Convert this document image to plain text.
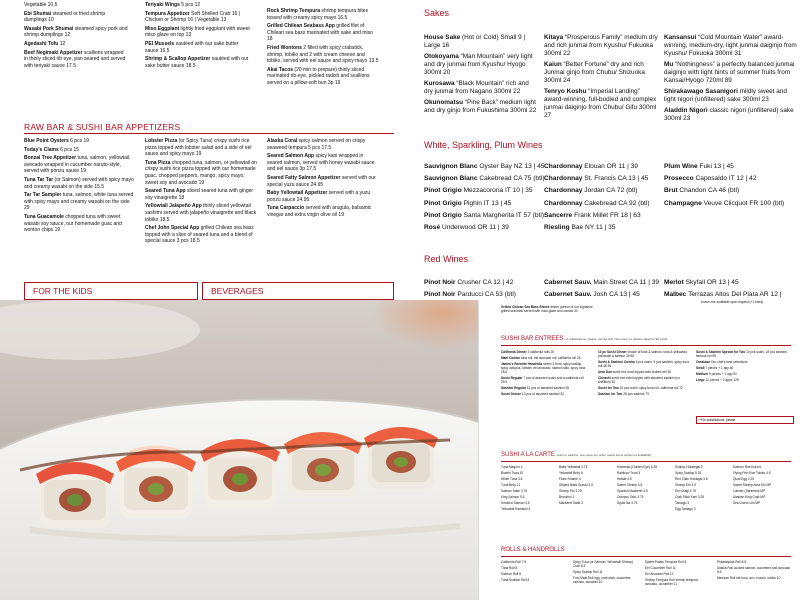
Vegetable 10.5
Ebi Shumai steamed or fried shrimp dumplings 10
Wasabi Pork Shumai steamed spicy pork and shrimp dumplings 12
Agedashi Tofu 12
Beef Negimaki Appetizer scallions wrapped in thinly sliced rib eye, pan seared and served with teriyaki sauce 17.5
Teriyaki Wings 5 pcs 12
Tempura Appetizer Soft Shelled Crab 16 | Chicken or Shrimp 16 | Vegetable 13
Miso Eggplant lightly fried eggplant with sweet miso glaze on top 13
PEI Mussels sautéed with our sake butter sauce 16.5
Shrimp & Scallop Appetizer sautéed with our sake butter sauce 18.5
Rock Shrimp Tempura shrimp tempura bites tossed with creamy spicy mayo 16.5
Grilled Chilean Seabass App grilled filet of Chilean sea bass marinated with sake and miso 18
Fried Wontons 2 filled with spicy crabstick, shrimp, tobiko and 2 with cream cheese and tobiko, served with eel sauce and spicy mayo 13.5
Akai Tacos (20 min to prepare) thinly sliced marinated rib-eye, pickled radish and scallions served on a pillow-soft bun 3p 19
RAW BAR & SUSHI BAR APPETIZERS
Blue Point Oysters 6 pcs 19
Today's Clams 6 pcs 15
Bonzai Tree Appetizer tuna, salmon, yellowtail, avocado wrapped in cucumber naruto-style, served with ponzu sauce 19
Tuna Tar Tar (or Salmon) served with spicy mayo and creamy wasabi on the side 15.5
Tar Tar Sampler tuna, salmon, white tuna served with spicy mayo and creamy wasabi on the side 29
Tuna Guacamole chopped tuna with sweet wasabi soy sauce, our homemade guac and wonton chips 19
Lobster Pizza (or Spicy Tuna) crispy sushi rice pizza topped with lobster salad and a side of eel sauce and spicy mayo 19
Tuna Pizza chopped tuna, salmon, or yellowtail on crispy sushi rice pizza topped with our homemade guac, chopped peppers, mango, spicy mayo, sweet soy and avocado 19
Seared Tuna App sliced seared tuna with ginger soy vinaigrette 18
Yellowtail Jalapeño App thinly sliced yellowtail sashimi served with jalapeño vinaigrette and black tobiko 18.5
Chef John Special App grilled Chilean sea bass topped with a slice of seared tuna and a blend of special sauce 3 pcs 18.5
Alaska Coral spicy salmon served on crispy seaweed tempura 5 pcs 17.5
Seared Salmon App spicy kani wrapped in seared salmon, served with honey wasabi sauce and eel sauce 3p 17.5
Seared Fatty Salmon Appetizer served with our special yuzu sauce 24.95
Baby Yellowtail Appetizer served with a yuzu ponzu sauce 24.95
Tuna Carpaccio served with arugula, balsamic vinegar and extra virgin olive oil 19
FOR THE KIDS	BEVERAGES
Sakes
House Sake (Hot or Cold) Small 9 | Large 16
Otokoyama “Man Mountain” very light and dry junmai from Kyushu/ Hyogo 300ml 20
Kurosawa “Black Mountain” rich and dry junmai from Nagano 300ml 22
Okunomatsu “Pine Back” medium light and dry ginjo from Fukushima 300ml 22
Kitaya “Prosperous Family” medium dry and rich junmai from Kyushu/ Fukuoka 300ml 22
Kaiun “Better Fortune” dry and rich Junmai ginjo from Chubu/ Shizuoka 300ml 24
Tenryo Koshu “Imperial Landing” award-winning, full-bodied and complex junmai daiginjo from Chubu/ Gifu 300ml 27
Kansansui “Cold Mountain Water” award-winning, medium-dry, light junmai daiginjo from Kyushu/ Fukuoka 300ml 31
Mu “Nothingness” a perfectly balanced junmai daiginjo with light hints of summer fruits from Kansai/Hyogo 720ml 89
Shirakawago Sasanigori mildly sweet and light nigori (unfiltered) sake 300ml 23
Aladdin Nigori classic nigori (unfiltered) sake 300ml 23
White, Sparkling, Plum Wines
Sauvignon Blanc Oyster Bay NZ 13 | 45
Sauvignon Blanc Cakebread CA 75 (btl)
Pinot Grigio Mezzacorona IT 10 | 35
Pinot Grigio Pighin IT 13 | 45
Pinot Grigio Santa Margherita IT 57 (btl)
Rosé Underwood OR 11 | 39
Chardonnay Elouan OR 11 | 39
Chardonnay St. Francis CA 13 | 45
Chardonnay Jordan CA 72 (btl)
Chardonnay Cakebread CA 92 (btl)
Sancerre Frank Millet FR 18 | 63
Riesling Bae NY 11 | 35
Plum Wine Fuki 13 | 45
Prosecco Caposaldo IT 12 | 42
Brut Chandon CA 46 (btl)
Champagne Veuve Clicquot FR 100 (btl)
Red Wines
Pinot Noir Crusher CA 12 | 42
Pinot Noir Parducci CA 53 (btl)
Cabernet Sauv. Main Street CA 11 | 39
Cabernet Sauv. Josh CA 13 | 45
Merlot Skyfall OR 13 | 45
Malbec Terrazas Altos Del Plata AR 12 |
Grilled Chilean Sea Bass Entrée dinner portion of our signature grilled sea bass served with miso glaze and carrots 30
brown rice available upon request (+1 extra)
SUSHI BAR ENTREES no substitutions, please served with miso soup (or garden salad for $2 extra)
California Dinner 3 california rolls 20
Maki Combo tuna roll, eel avocado roll, california roll 24
James's Favorite Handrolls select 3 from: spicy scallop, spicy octopus, lobster, eel avocado, salmon skin, spicy tuna 26.5
Sushi Regular 7 pcs of assorted sushi and a california roll 29.5
Sashimi Regular 12 pcs of assorted sashimi 35
Sushi Deluxe 10 pcs of assorted sashimi 52
10 pc Sushi Dinner choice of tuna & salmon, tuna & yellowtail, yellowtail & salmon 39.95
Sushi & Sashimi Combo 6 pcs sushi, 9 pcs sashimi, spicy tuna roll 48.95
Uma Don sushi rice bowl topped with broiled eel 36
Chirashi sushi rice bowl topped with assorted sashimi (no shellfish) 35
Sushi for Two 16 pcs sushi, spicy tuna roll, california roll 72
Sashimi for Two 28 pcs sashimi 73
Sushi & Sashimi Special for Two 10 pcs sushi, 18 pcs sashimi, famous roll 89
Omakase Our chef's best selections
Small 7 pieces + 1 app 60
Medium 9 pieces + 1 app 90
Large 12 pieces + 2 apps 129
**No substitutions, please
SUSHI A LA CARTE sushi or sashimi, one piece per order, select items subject to availability
Tuna Maguro 4
Bluefin Tuna 10
White Tuna 3.5
Tuna Belly 11
Salmon Sake 3.75
King Salmon 5.5
Smoked Salmon 3.5
Yellowtail Hamachi 4
Baby Yellowtail 4.75
Yellowtail Belly 6
Fluke Hirame 4
Striped Bass Suzuki 3.5
Shrimp Ebi 3.25
Bronzino 3
Mackerel Saba 3
Kinmedai (Golden Eye) 6.25
Rainbow Trout 3
Hotate 4.5
Sweet Shrimp 4.5
Spanish Mackerel 4.5
Octopus Tako 3.75
Squid Ika 3.75
Scallop Hotategai 5
Spicy Scallop 5.25
Red Clam Hokkigai 3.5
Shrimp Ebi 3.5
Eel Unagi 4.75
Crab Stick Kani 3.25
Tamago 3
Egg Tamago 3
Salmon Roe Ikura 6
Flying Fish Roe Tobiko 4.5
Quail Egg 2.25
Sweet Shrimp Ama Ebi MP
Lobster (Steamed) MP
Alaskan King Crab MP
Sea Urchin Uni MP
ROLLS & HANDROLLS
California Roll 7.5
Tuna Roll 8
Salmon Roll 8
Tuna Scallion Roll 8
Spicy Tuna (or Salmon/ Yellowtail/ Shrimp) Crab 8.5
Spicy Scallop Roll 11
Futo Maki Roll egg, crab stick, cucumber, oshinko, avocado 10
Sweet Potato Tempura Roll 8
Eel Cucumber Roll 11
Eel Avocado Roll 11
Shrimp Tempura Roll shrimp tempura, avocado, cucumber 11
Philadelphia Roll 8.5
Alaska Roll cooked salmon, cucumber and avocado 8.5
Mexican Roll ebi tuna, avo. crunch, tobiko 10
